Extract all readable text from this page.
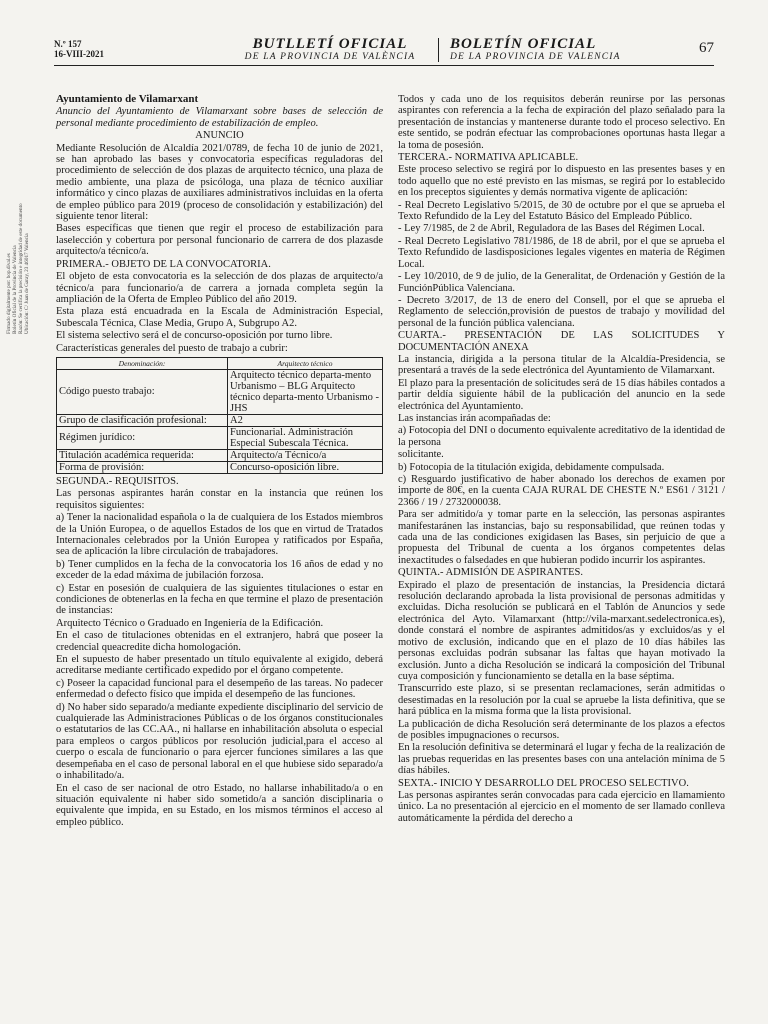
Firmado digitalmente por: bop.dival.es
Boletín Oficial de la Provincia de Valencia
Razón: Se certifica la precisión e integridad de este documento
Ubicación: C/ Juan de Garay, 23 46017 Valencia
N.º 157
16-VIII-2021
BUTLLETÍ OFICIAL
DE LA PROVINCIA DE VALÈNCIA
BOLETÍN OFICIAL
DE LA PROVINCIA DE VALENCIA
67

Ayuntamiento de Vilamarxant

Anuncio del Ayuntamiento de Vilamarxant sobre bases de selección de personal mediante procedimiento de estabilización de empleo.

ANUNCIO

Mediante Resolución de Alcaldía 2021/0789, de fecha 10 de junio de 2021, se han aprobado las bases y convocatoria específicas reguladoras del procedimiento de selección de dos plazas de arquitecto técnico, una plaza de medio ambiente, una plaza de psicóloga, una plaza de técnico auxiliar informático y cinco plazas de auxiliares administrativos incluidas en la oferta de empleo público para 2019 (proceso de consolidación y estabilización) del siguiente tenor literal:

Bases específicas que tienen que regir el proceso de estabilización para laselección y cobertura por personal funcionario de carrera de dos plazasde arquitecto/a técnico/a.

PRIMERA.- OBJETO DE LA CONVOCATORIA.

El objeto de esta convocatoria es la selección de dos plazas de arquitecto/a técnico/a para funcionario/a de carrera a jornada completa según la ampliación de la Oferta de Empleo Público del año 2019.

Esta plaza está encuadrada en la Escala de Administración Especial, Subescala Técnica, Clase Media, Grupo A, Subgrupo A2.

El sistema selectivo será el de concurso-oposición por turno libre.

Características generales del puesto de trabajo a cubrir:

Denominación:	Arquitecto técnico
Código puesto trabajo:	Arquitecto técnico departa-mento Urbanismo – BLG Arquitecto técnico departa-mento Urbanismo - JHS
Grupo de clasificación profesional:	A2
Régimen jurídico:	Funcionarial. Administración Especial Subescala Técnica.
Titulación académica requerida:	Arquitecto/a Técnico/a
Forma de provisión:	Concurso-oposición libre.

SEGUNDA.- REQUISITOS.

Las personas aspirantes harán constar en la instancia que reúnen los requisitos siguientes:

a) Tener la nacionalidad española o la de cualquiera de los Estados miembros de la Unión Europea, o de aquellos Estados de los que en virtud de Tratados Internacionales celebrados por la Unión Europea y ratificados por España, sea de aplicación la libre circulación de trabajadores.

b) Tener cumplidos en la fecha de la convocatoria los 16 años de edad y no exceder de la edad máxima de jubilación forzosa.

c) Estar en posesión de cualquiera de las siguientes titulaciones o estar en condiciones de obtenerlas en la fecha en que termine el plazo de presentación de instancias:

Arquitecto Técnico o Graduado en Ingeniería de la Edificación.

En el caso de titulaciones obtenidas en el extranjero, habrá que poseer la credencial queacredite dicha homologación.

En el supuesto de haber presentado un título equivalente al exigido, deberá acreditarse mediante certificado expedido por el órgano competente.

c) Poseer la capacidad funcional para el desempeño de las tareas. No padecer enfermedad o defecto físico que impida el desempeño de las funciones.

d) No haber sido separado/a mediante expediente disciplinario del servicio de cualquierade las Administraciones Públicas o de los órganos constitucionales o estatutarios de las CC.AA., ni hallarse en inhabilitación absoluta o especial para empleos o cargos públicos por resolución judicial,para el acceso al cuerpo o escala de funcionario o para ejercer funciones similares a las que desempeñaba en el caso de personal laboral en el que hubiese sido separado/a o inhabilitado/a.

En el caso de ser nacional de otro Estado, no hallarse inhabilitado/a o en situación equivalente ni haber sido sometido/a a sanción disciplinaria o equivalente que impida, en su Estado, en los mismos términos el acceso al empleo público.

Todos y cada uno de los requisitos deberán reunirse por las personas aspirantes con referencia a la fecha de expiración del plazo señalado para la presentación de instancias y mantenerse durante todo el proceso selectivo. En este sentido, se podrán efectuar las comprobaciones oportunas hasta llegar a la toma de posesión.

TERCERA.- NORMATIVA APLICABLE.

Este proceso selectivo se regirá por lo dispuesto en las presentes bases y en todo aquello que no esté previsto en las mismas, se regirá por lo establecido en los preceptos siguientes y demás normativa vigente de aplicación:

- Real Decreto Legislativo 5/2015, de 30 de octubre por el que se aprueba el Texto Refundido de la Ley del Estatuto Básico del Empleado Público.

- Ley 7/1985, de 2 de Abril, Reguladora de las Bases del Régimen Local.

- Real Decreto Legislativo 781/1986, de 18 de abril, por el que se aprueba el Texto Refundido de lasdisposiciones legales vigentes en materia de Régimen Local.

- Ley 10/2010, de 9 de julio, de la Generalitat, de Ordenación y Gestión de la FunciónPública Valenciana.

- Decreto 3/2017, de 13 de enero del Consell, por el que se aprueba el Reglamento de selección,provisión de puestos de trabajo y movilidad del personal de la función pública valenciana.

CUARTA.- PRESENTACIÓN DE LAS SOLICITUDES Y DOCUMENTACIÓN ANEXA

La instancia, dirigida a la persona titular de la Alcaldía-Presidencia, se presentará a través de la sede electrónica del Ayuntamiento de Vilamarxant.

El plazo para la presentación de solicitudes será de 15 días hábiles contados a partir deldía siguiente hábil de la publicación del anuncio en la sede electrónica del Ayuntamiento.

Las instancias irán acompañadas de:

a) Fotocopia del DNI o documento equivalente acreditativo de la identidad de la persona

solicitante.

b) Fotocopia de la titulación exigida, debidamente compulsada.

c) Resguardo justificativo de haber abonado los derechos de examen por importe de 80€, en la cuenta CAJA RURAL DE CHESTE N.º ES61 / 3121 / 2366 / 19 / 2732000038.

Para ser admitido/a y tomar parte en la selección, las personas aspirantes manifestaránen las instancias, bajo su responsabilidad, que reúnen todas y cada una de las condiciones exigidasen las Bases, sin perjuicio de que a propuesta del Tribunal de cuenta a los órganos competentes delas inexactitudes o falsedades en que hubieran podido incurrir los aspirantes.

QUINTA.- ADMISIÓN DE ASPIRANTES.

Expirado el plazo de presentación de instancias, la Presidencia dictará resolución declarando aprobada la lista provisional de personas admitidas y excluidas. Dicha resolución se publicará en el Tablón de Anuncios y sede electrónica del Ayto. Vilamarxant (http://vila-marxant.sedelectronica.es), donde constará el nombre de aspirantes admitidos/as y excluidos/as y el motivo de exclusión, indicando que en el plazo de 10 días hábiles las personas excluidas podrán subsanar las faltas que hayan motivado la exclusión. Junto a dicha Resolución se indicará la composición del Tribunal cuya composición y funcionamiento se detalla en la base séptima.

Transcurrido este plazo, si se presentan reclamaciones, serán admitidas o desestimadas en la resolución por la cual se apruebe la lista definitiva, que se hará pública en la misma forma que la lista provisional.

La publicación de dicha Resolución será determinante de los plazos a efectos de posibles impugnaciones o recursos.

En la resolución definitiva se determinará el lugar y fecha de la realización de las pruebas requeridas en las presentes bases con una antelación mínima de 5 días hábiles.

SEXTA.- INICIO Y DESARROLLO DEL PROCESO SELECTIVO.

Las personas aspirantes serán convocadas para cada ejercicio en llamamiento único. La no presentación al ejercicio en el momento de ser llamado conlleva automáticamente la pérdida del derecho a
